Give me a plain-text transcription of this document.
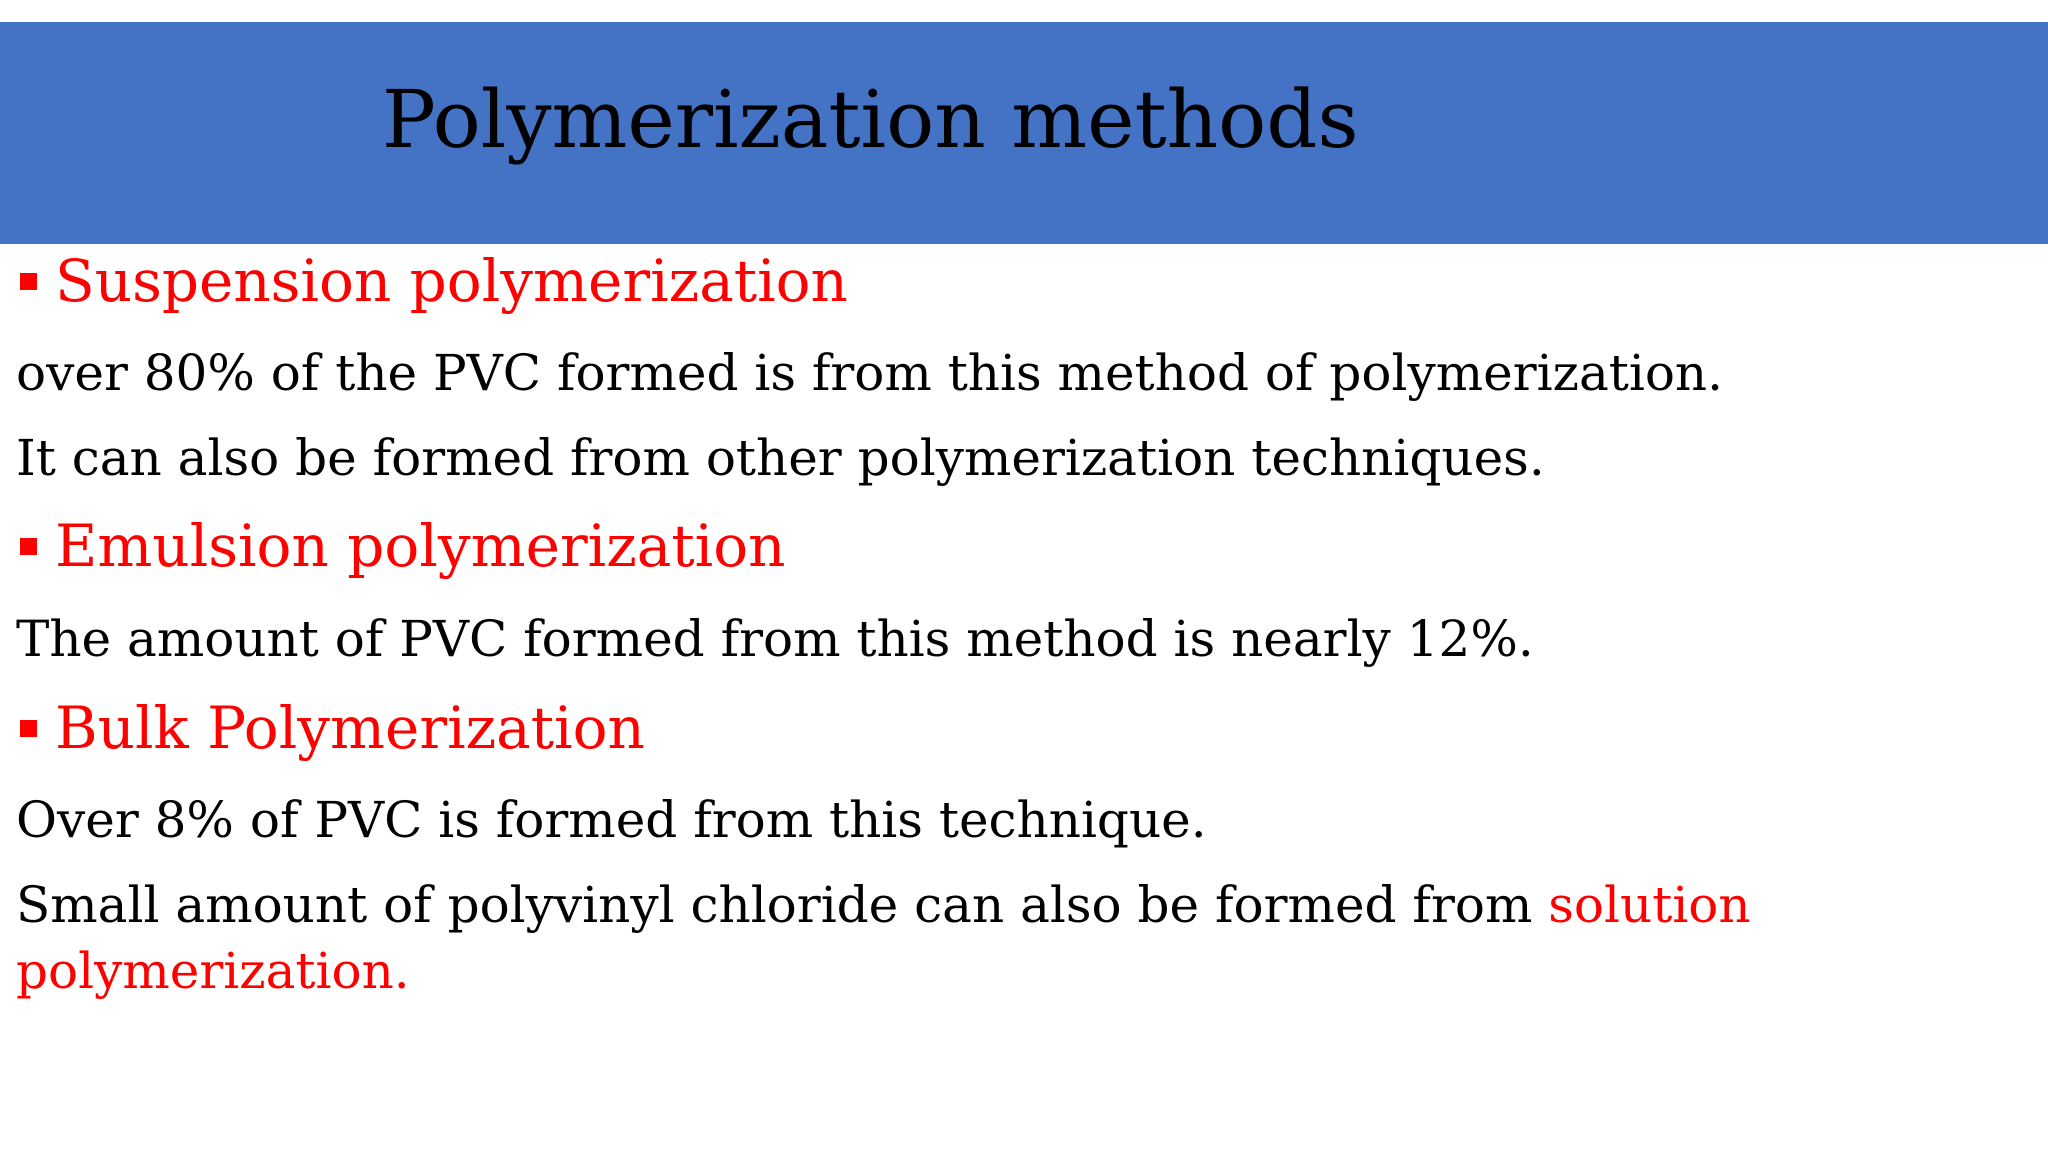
Polymerization methods
Suspension polymerization
over 80% of the PVC formed is from this method of polymerization.
It can also be formed from other polymerization techniques.
Emulsion polymerization
The amount of PVC formed from this method is nearly 12%.
Bulk Polymerization
Over 8% of PVC is formed from this technique.
Small amount of polyvinyl chloride can also be formed from solution
polymerization.
